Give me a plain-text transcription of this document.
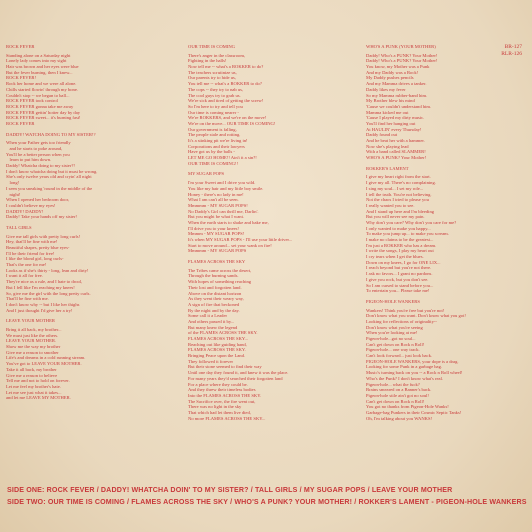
BR-127
RLR-126
ROCK FEVER
Standing alone on a Saturday night
Lonely lady comes into my sight
Hair was brown and her eyes were blue
But the fever burning, then I knew...
ROCK FEVER!
Rock her home and we were all alone.
Chills started flowin' through my bone.
Couldn't stop -- we began to ball...
ROCK FEVER took control
ROCK FEVER gonna take me away
ROCK FEVER gettin' hotter day by day
ROCK FEVER sweet... it's burning fast!
ROCK FEVER
DADDY! WATCHA DOING TO MY SISTER!?
When your Father gets too friendly
and he starts to poke around,
You'll be a better person when you
learn to put him down.
Daddy! Whatcha doing to my sister?!
I don't know whatcha doing but it must be wrong.
She's only twelve years old and cryin' all night
long!
I seen you sneaking 'round in the middle of the
night!
When I opened her bedroom door,
I couldn't believe my eyes!
DADDY! DADDY!
Daddy! Take your hands off my sister!
TALL GIRLS
Give me tall girls with pretty long curls!
Hey, that'll be fine with me!
Beautiful shapes, pretty blue eyes-
I'll be their friend for free!
I like the blond girl, long curls-
That's the one for me!
Looks as if she's thirty - long, lean and dirty!
I want it all for free.
They're nice as a rule, and I hate to drool,
But I fell like I'm reaching my knees!
So, give me the girl with the long pretty curls.
That'll be fine with me.
I don't know why -- but I like her thighs
And I just thought I'd give her a try!
LEAVE YOUR MOTHER
Bring it all back, my brother...
We must just like the others.
LEAVE YOUR MOTHER.
Show me the way my brother
Give me a reason to smother
Life's and dreams in a cold running stream.
You've got to LEAVE YOUR MOTHER.
Take it all back, my brother
Give me a reason to believe
Tell me and not to hold on forever.
Let me feel my brother's hate.
Let me see just what it takes...
and let me LEAVE MY MOTHER.
OUR TIME IS COMING
There's anger in the classroom,
Fighting in the halls!
Now tell me -- what's a ROKKER to do?
The teachers scrutinize us,
Our parents try to hide us,
You tell me -- what's a ROKKER to do?
The cops -- they try to nab us,
The cool guys try to grab us.
We're sick and tired of getting the screw!
So I'm here to try and tell you
Our time is coming nearer -
We're ROKKERS, and we're on the move!
We're on the move... OUR TIME IS COMING!
Our government is falling,
The people stale and rotting.
It's a stinking pit we're living in!
Corporations and their lawyers
Have got us by the balls -
LET ME GO HOME!! Ain't it a sin?!
OUR TIME IS COMING!!
MY SUGAR POPS
I'm your Sweet and I drive you wild.
You like my hair and my little boy smile.
Honey - there's no lady in me!
What I am can't all be seen.
Mmmmm - MY SUGAR POPS!
No Daddy's Girl can thrill me, Darlin'.
But you might be what I want.
When the earth starts to shake and bake me,
I'll drive you to your knees!
Mmmm - MY SUGAR POPS!
It's when MY SUGAR POPS - I'll use your little driver...
Start to move around... set your wank on fire!
Mmmmm - MY SUGAR POPS
FLAMES ACROSS THE SKY
The Tribes came across the desert,
Through the burning sands.
With hopes of something reaching
Their lost and forgotten land.
Above on the distant horizon
As they went their weary way,
A sign of fire that beckoned
By the night and by the day.
Some call it a Leader
And others passed it by...
But many knew the legend
of the FLAMES ACROSS THE SKY.
FLAMES ACROSS THE SKY...
Reaching out like guiding hand,
FLAMES ACROSS THE SKY.
Bringing Peace upon the Land.
They followed it forever
But their stone seemed to find their way
Until one day they found it, and knew it was the place.
For many years they'd searched their forgotten land
For a place where they could be.
And they threw their timeless bodies
Into the FLAMES ACROSS THE SKY.
The Sacrifice over, the fire went out,
There was no light in the sky
That which had let them live died,
No more FLAMES ACROSS THE SKY...
WHO'S A PUNK (YOUR MOTHER)
Daddy! Who's a PUNK? Your Mother!
Daddy! Who's a PUNK? Your Mother!
You know, my Mother was a Punk
And my Daddy was a Rock!
My Daddy pushes pencils
And my Mamma drives a tanker.
Daddy likes my fever
So my Mamma rubber-band him.
My Brother blew his mind
'Cause we couldn't understand him.
Mamma kicked me out
'Cause I played my dirty music.
You'll find her hanging out
At HAULIN' every Thursday!
Daddy found out
And he beat her with a hammer.
Now she's playing lead
With a band called SLAMMER!
WHO'S A PUNK? Your Mother!
ROKKER'S LAMENT
I give my heart right from the start.
I give my all. There's no complaining.
I sing my soul... I set my role...
I tell the truth. You're not believing.
Not the chaos I tried to please you
I really wanted you to see.
And I stand up here and I'm bleeding
But you will never see my pain.
Why don't you care? Why don't you care for me?
I only wanted to make you happy...
To make you jump up... to make you scream.
I make no claims to be the greatest...
I'm just a ROKKER who has a dream.
I write the songs, I play my heart out
I cry tears when I get the blues.
Down on my knees, I go for ONE LIX...
I reach beyond but you're not there.
I ask no favors... I grant no pardons.
I give you rock, but you don't see.
So I am cursed to stand before you...
To entertain you... Please take me!
PIGEON-HOLE WANKERS
Wankers! Think you're free but you're not!
Don't know what you want. Don't know what you got!
Looking for reflections of originality--
Don't know what you're seeing
When you're looking at me!
Pigeon-hole...got no soul...
Can't get down on Rock n Roll!
Pigeon-hole... one way track.
Can't look forward... just look back.
PIGEON-HOLE WANKERS, your dope is a drag.
Looking for some Punk in a garbage bag.
Music's turning back on you -- a Rock n Roll wheel!
Who's the Punk? I don't know what's real.
Pigeon-hole... what the fuck?
Brains smeared on a Banner's back.
Pigeon-hole stile ain't got no soul!
Can't get down on Rock n Roll!
You got no thanks from Pigeon-Hole Wanks!
Garbage-bag Punkers in their Cosmic Septic Tanks!
Oh, I'm talking about you WANKS!
SIDE ONE: ROCK FEVER / DADDY! WHATCHA DOIN' TO MY SISTER? / TALL GIRLS / MY SUGAR POPS / LEAVE YOUR MOTHER
SIDE TWO: OUR TIME IS COMING / FLAMES ACROSS THE SKY / WHO'S A PUNK? YOUR MOTHER! / ROKKER'S LAMENT - PIGEON-HOLE WANKERS
